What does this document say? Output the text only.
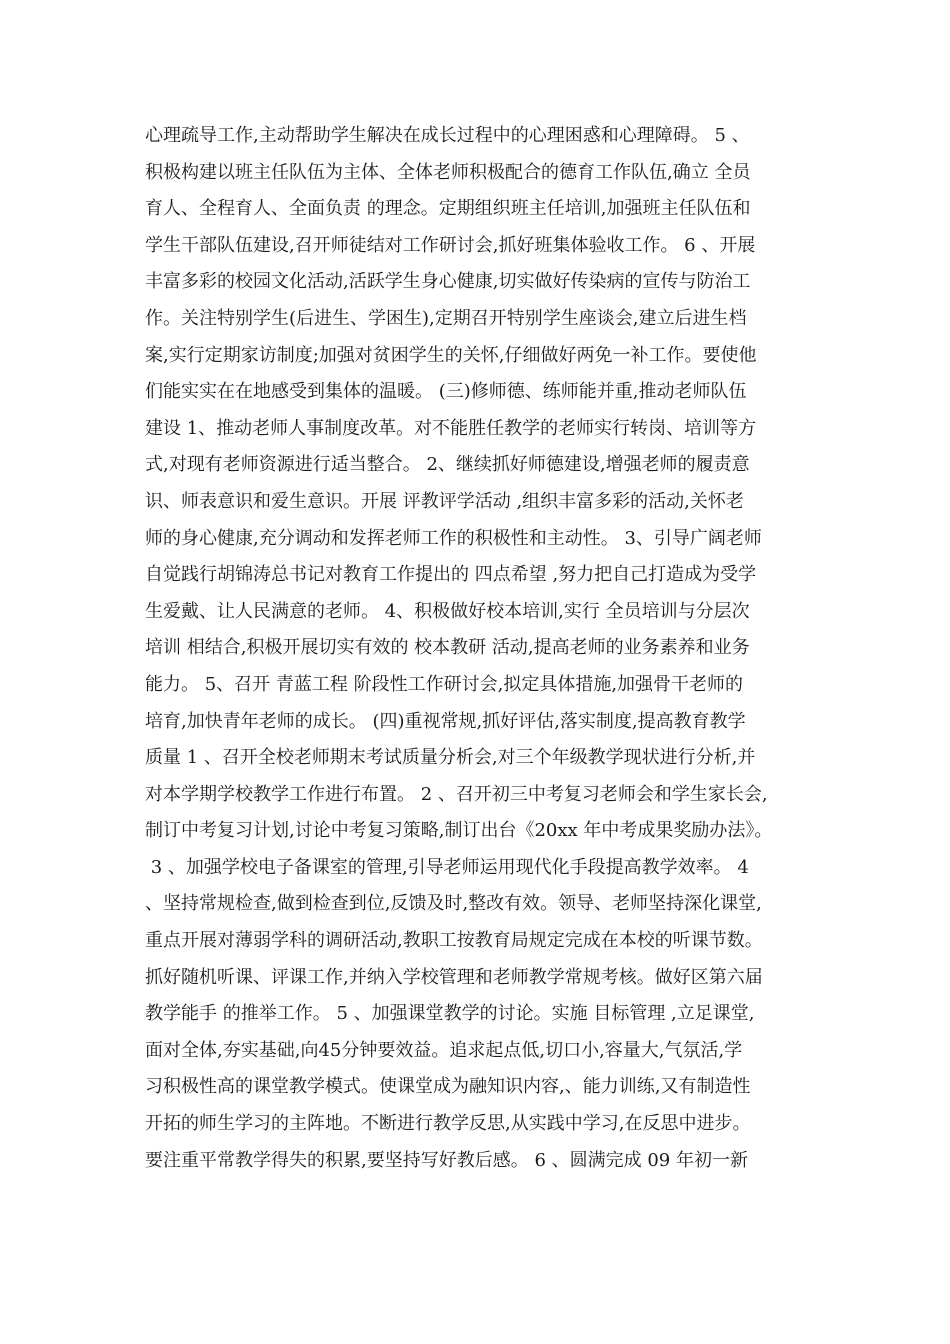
心理疏导工作,主动帮助学生解决在成长过程中的心理困惑和心理障碍。 5 、
积极构建以班主任队伍为主体、全体老师积极配合的德育工作队伍,确立 全员
育人、全程育人、全面负责 的理念。定期组织班主任培训,加强班主任队伍和
学生干部队伍建设,召开师徒结对工作研讨会,抓好班集体验收工作。 6 、开展
丰富多彩的校园文化活动,活跃学生身心健康,切实做好传染病的宣传与防治工
作。关注特别学生(后进生、学困生),定期召开特别学生座谈会,建立后进生档
案,实行定期家访制度;加强对贫困学生的关怀,仔细做好两免一补工作。要使他
们能实实在在地感受到集体的温暖。 (三)修师德、练师能并重,推动老师队伍
建设 1、推动老师人事制度改革。对不能胜任教学的老师实行转岗、培训等方
式,对现有老师资源进行适当整合。 2、继续抓好师德建设,增强老师的履责意
识、师表意识和爱生意识。开展 评教评学活动 ,组织丰富多彩的活动,关怀老
师的身心健康,充分调动和发挥老师工作的积极性和主动性。 3、引导广阔老师
自觉践行胡锦涛总书记对教育工作提出的 四点希望 ,努力把自己打造成为受学
生爱戴、让人民满意的老师。 4、积极做好校本培训,实行 全员培训与分层次
培训 相结合,积极开展切实有效的 校本教研 活动,提高老师的业务素养和业务
能力。 5、召开 青蓝工程 阶段性工作研讨会,拟定具体措施,加强骨干老师的
培育,加快青年老师的成长。 (四)重视常规,抓好评估,落实制度,提高教育教学
质量 1 、召开全校老师期末考试质量分析会,对三个年级教学现状进行分析,并
对本学期学校教学工作进行布置。 2 、召开初三中考复习老师会和学生家长会,
制订中考复习计划,讨论中考复习策略,制订出台《20xx 年中考成果奖励办法》。
3 、加强学校电子备课室的管理,引导老师运用现代化手段提高教学效率。 4
、坚持常规检查,做到检查到位,反馈及时,整改有效。领导、老师坚持深化课堂,
重点开展对薄弱学科的调研活动,教职工按教育局规定完成在本校的听课节数。
抓好随机听课、评课工作,并纳入学校管理和老师教学常规考核。做好区第六届
教学能手 的推举工作。 5 、加强课堂教学的讨论。实施 目标管理 ,立足课堂,
面对全体,夯实基础,向45分钟要效益。追求起点低,切口小,容量大,气氛活,学
习积极性高的课堂教学模式。使课堂成为融知识内容,、能力训练,又有制造性
开拓的师生学习的主阵地。不断进行教学反思,从实践中学习,在反思中进步。
要注重平常教学得失的积累,要坚持写好教后感。 6 、圆满完成 09 年初一新
